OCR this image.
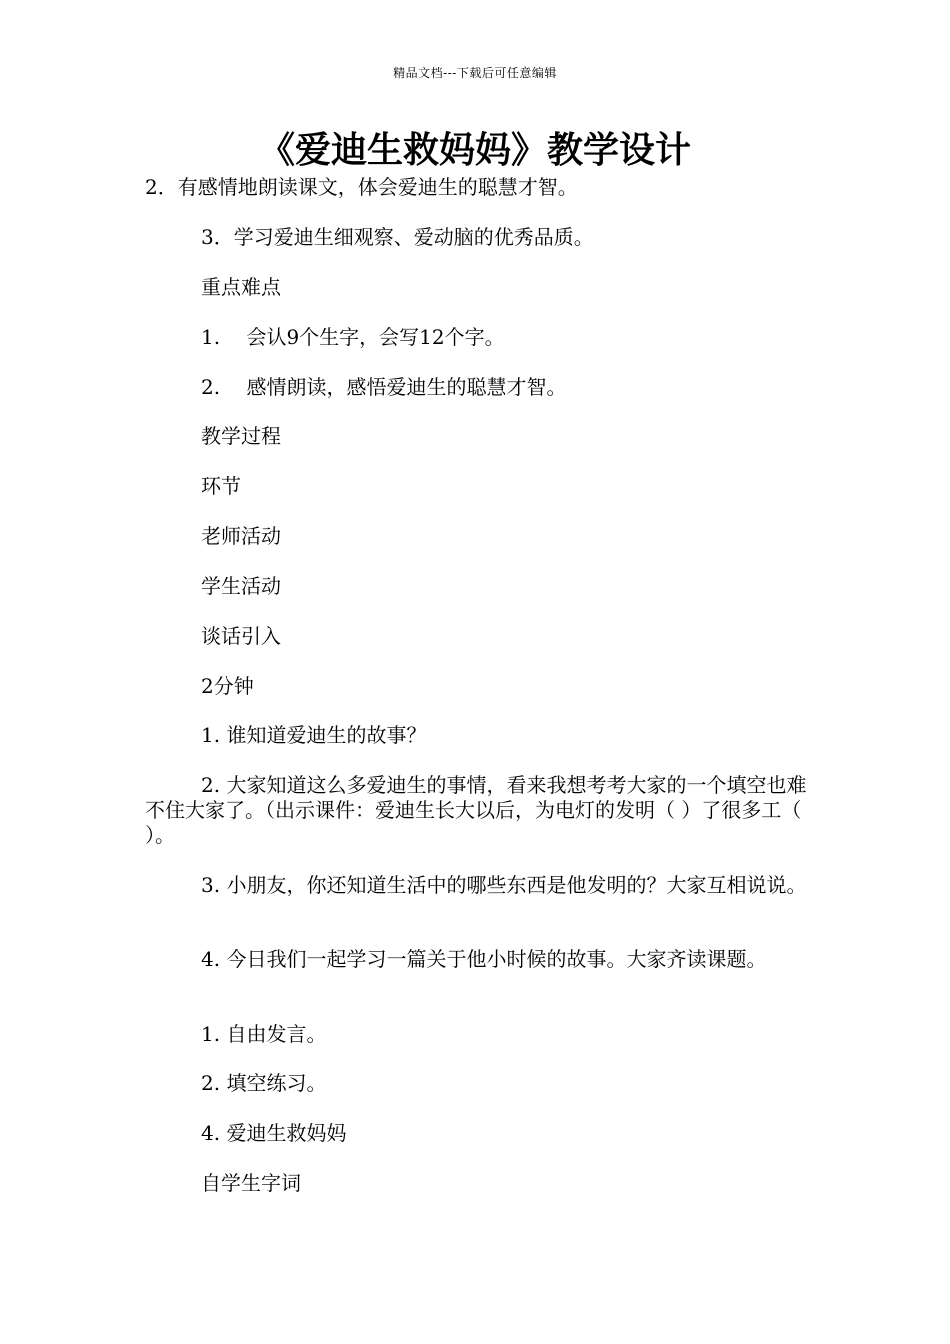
精品文档---下载后可任意编辑
《爱迪生救妈妈》教学设计

2．有感情地朗读课文，体会爱迪生的聪慧才智。

3．学习爱迪生细观察、爱动脑的优秀品质。

重点难点

1.　 会认9个生字，会写12个字。

2.　 感情朗读，感悟爱迪生的聪慧才智。

教学过程

环节

老师活动

学生活动

谈话引入

2分钟

1. 谁知道爱迪生的故事？

2. 大家知道这么多爱迪生的事情，看来我想考考大家的一个填空也难不住大家了。（出示课件：爱迪生长大以后，为电灯的发明（ ）了很多工（ ）。

3. 小朋友，你还知道生活中的哪些东西是他发明的？大家互相说说。

4. 今日我们一起学习一篇关于他小时候的故事。大家齐读课题。

1. 自由发言。

2. 填空练习。

4. 爱迪生救妈妈

自学生字词
